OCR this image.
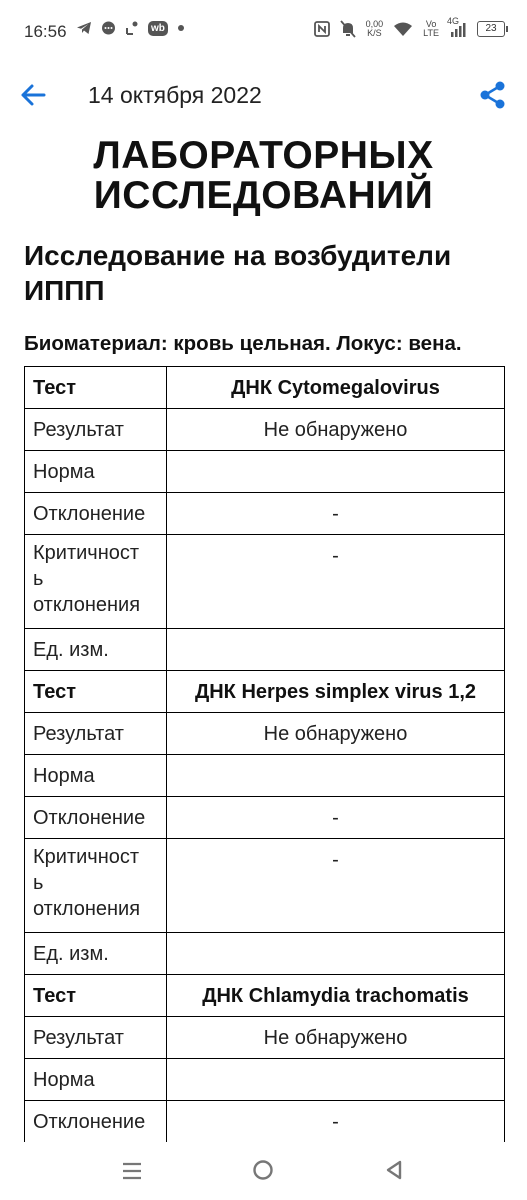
16:56	wb	0,00
K/S
Vo
LTE
4G
23
14 октября 2022
ЛАБОРАТОРНЫХ
ИССЛЕДОВАНИЙ
Исследование на возбудители ИППП
Биоматериал: кровь цельная. Локус: вена.
Тест	ДНК Cytomegalovirus
Результат	Не обнаружено
Норма	
Отклонение	-

Критичност
ь
отклонения	-
Ед. изм.	
Тест	ДНК Herpes simplex virus 1,2
Результат	Не обнаружено
Норма	
Отклонение	-

Критичност
ь
отклонения	-
Ед. изм.	
Тест	ДНК Chlamydia trachomatis
Результат	Не обнаружено
Норма	
Отклонение	-
